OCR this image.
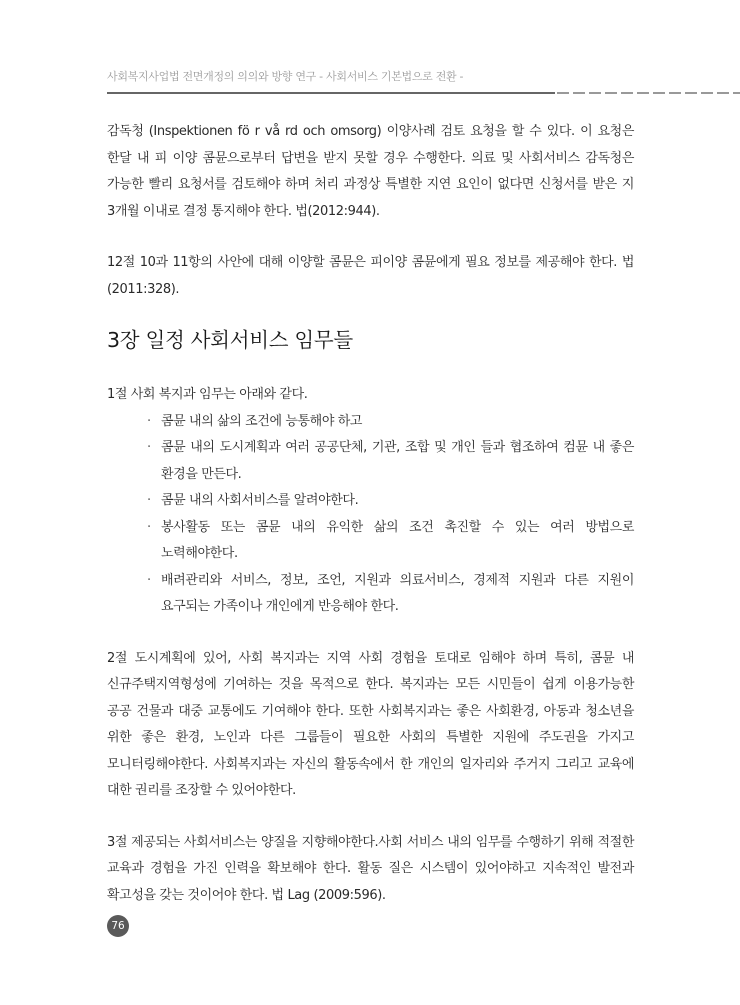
사회복지사업법 전면개정의 의의와 방향 연구 - 사회서비스 기본법으로 전환 -

감독청 (Inspektionen fö r vå rd och omsorg) 이양사례 검토 요청을 할 수 있다. 이 요청은 한달 내 피 이양 콤뮨으로부터 답변을 받지 못할 경우 수행한다. 의료 및 사회서비스 감독청은 가능한 빨리 요청서를 검토해야 하며 처리 과정상 특별한 지연 요인이 없다면 신청서를 받은 지 3개월 이내로 결정 통지해야 한다. 법(2012:944).

12절 10과 11항의 사안에 대해 이양할 콤뮨은 피이양 콤뮨에게 필요 정보를 제공해야 한다. 법(2011:328).

3장 일정 사회서비스 임무들

1절 사회 복지과 임무는 아래와 같다.

· 콤뮨 내의 삶의 조건에 능통해야 하고
· 콤뮨 내의 도시계획과 여러 공공단체, 기관, 조합 및 개인 들과 협조하여 컴뮨 내 좋은 환경을 만든다.
· 콤뮨 내의 사회서비스를 알려야한다.
· 봉사활동 또는 콤뮨 내의 유익한 삶의 조건 촉진할 수 있는 여러 방법으로 노력해야한다.
· 배려관리와 서비스, 정보, 조언, 지원과 의료서비스, 경제적 지원과 다른 지원이 요구되는 가족이나 개인에게 반응해야 한다.

2절 도시계획에 있어, 사회 복지과는 지역 사회 경험을 토대로 임해야 하며 특히, 콤뮨 내 신규주택지역형성에 기여하는 것을 목적으로 한다. 복지과는 모든 시민들이 쉽게 이용가능한 공공 건물과 대중 교통에도 기여해야 한다. 또한 사회복지과는 좋은 사회환경, 아동과 청소년을 위한 좋은 환경, 노인과 다른 그룹들이 필요한 사회의 특별한 지원에 주도권을 가지고 모니터링해야한다. 사회복지과는 자신의 활동속에서 한 개인의 일자리와 주거지 그리고 교육에 대한 권리를 조장할 수 있어야한다.

3절 제공되는 사회서비스는 양질을 지향해야한다.사회 서비스 내의 임무를 수행하기 위해 적절한 교육과 경험을 가진 인력을 확보해야 한다. 활동 질은 시스템이 있어야하고 지속적인 발전과 확고성을 갖는 것이어야 한다. 법 Lag (2009:596).

76
